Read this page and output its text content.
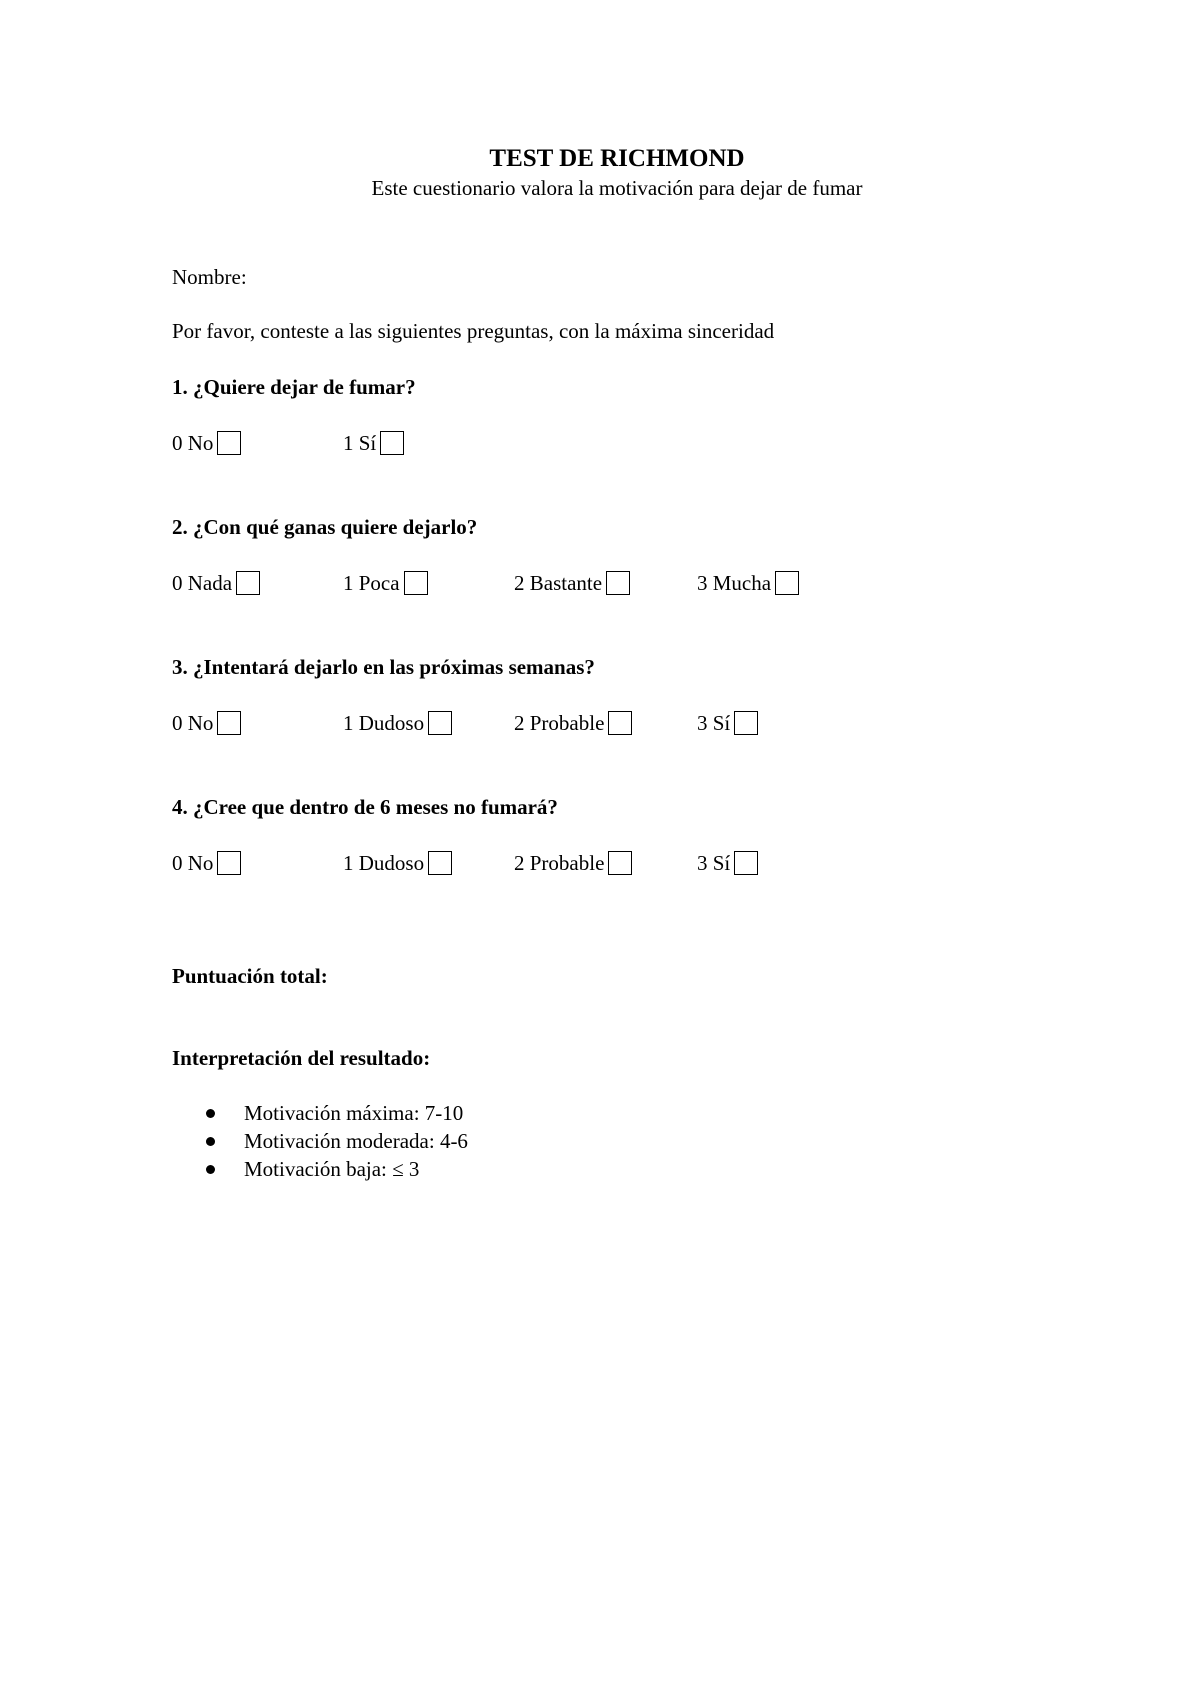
TEST DE RICHMOND
Este cuestionario valora la motivación para dejar de fumar
Nombre:
Por favor, conteste a las siguientes preguntas, con la máxima sinceridad
1. ¿Quiere dejar de fumar?
0 No	1 Sí
2. ¿Con qué ganas quiere dejarlo?
0 Nada	1 Poca	2 Bastante	3 Mucha
3. ¿Intentará dejarlo en las próximas semanas?
0 No	1 Dudoso	2 Probable	3 Sí
4. ¿Cree que dentro de 6 meses no fumará?
0 No	1 Dudoso	2 Probable	3 Sí
Puntuación total:
Interpretación del resultado:
Motivación máxima: 7-10
Motivación moderada: 4-6
Motivación baja: ≤ 3
